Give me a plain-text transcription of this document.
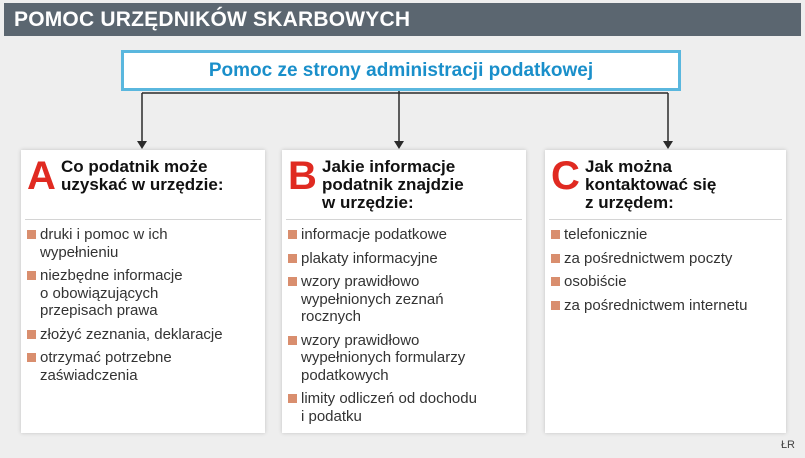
POMOC URZĘDNIKÓW SKARBOWYCH
Pomoc ze strony administracji podatkowej
A Co podatnik może
uzyskać w urzędzie:
druki i pomoc w ich
wypełnieniu
niezbędne informacje
o obowiązujących
przepisach prawa
złożyć zeznania, deklaracje
otrzymać potrzebne
zaświadczenia
B Jakie informacje
podatnik znajdzie
w urzędzie:
informacje podatkowe
plakaty informacyjne
wzory prawidłowo
wypełnionych zeznań
rocznych
wzory prawidłowo
wypełnionych formularzy
podatkowych
limity odliczeń od dochodu
i podatku
C Jak można
kontaktować się
z urzędem:
telefonicznie
za pośrednictwem poczty
osobiście
za pośrednictwem internetu
ŁR
